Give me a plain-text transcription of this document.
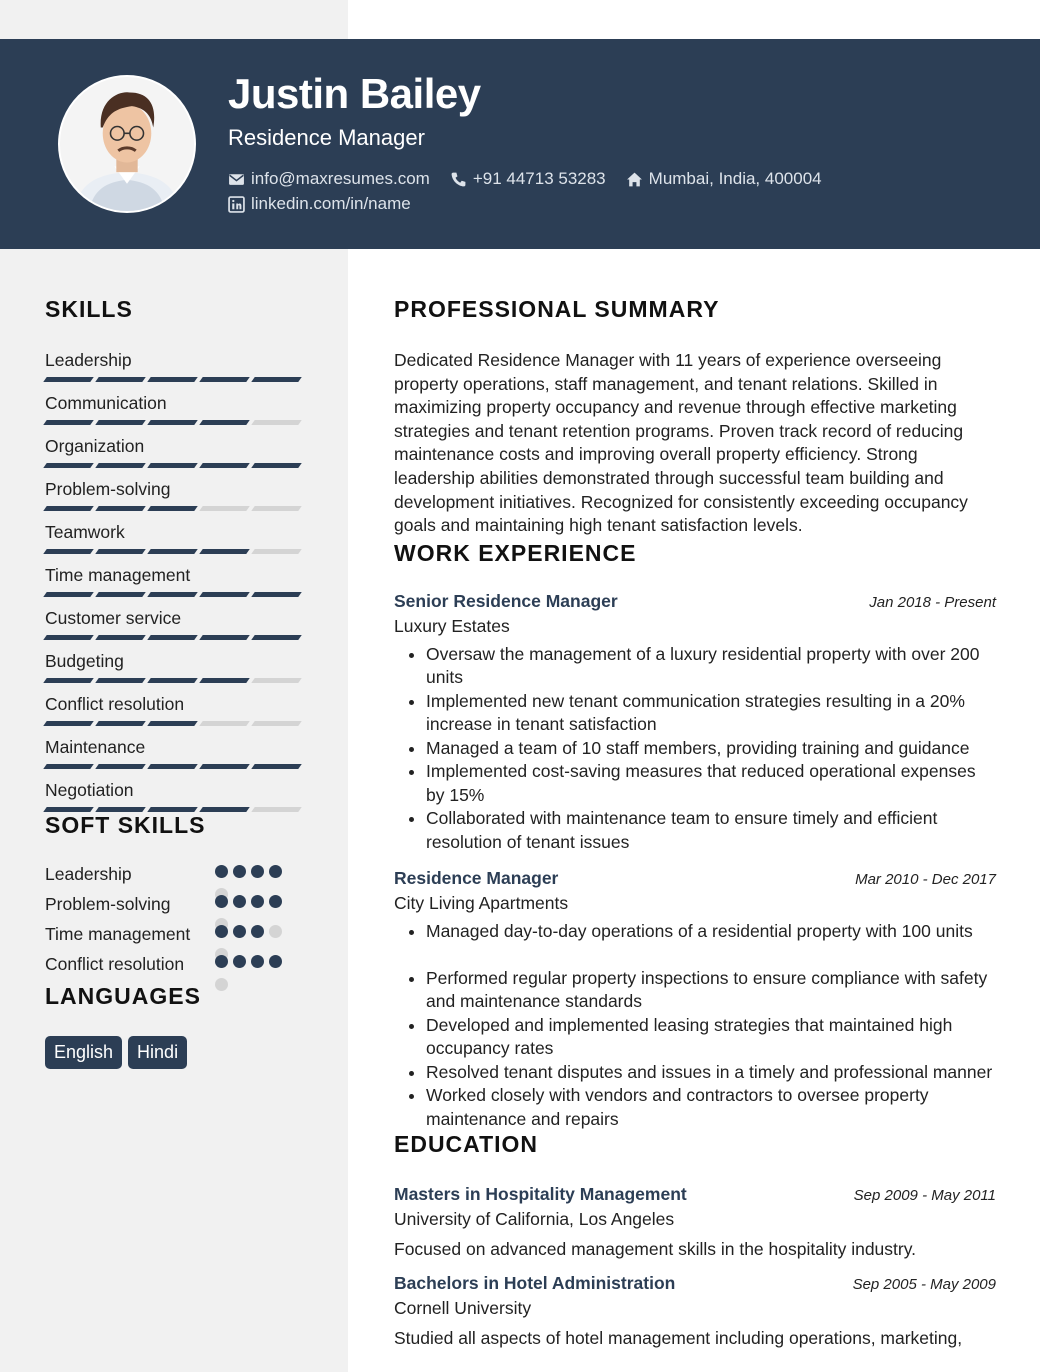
Justin Bailey
Residence Manager
info@maxresumes.com	+91 44713 53283	Mumbai, India, 400004
linkedin.com/in/name
SKILLS
Leadership
Communication
Organization
Problem-solving
Teamwork
Time management
Customer service
Budgeting
Conflict resolution
Maintenance
Negotiation
SOFT SKILLS
Leadership
Problem-solving
Time management
Conflict resolution
LANGUAGES
English	Hindi
PROFESSIONAL SUMMARY
Dedicated Residence Manager with 11 years of experience overseeing property operations, staff management, and tenant relations. Skilled in maximizing property occupancy and revenue through effective marketing strategies and tenant retention programs. Proven track record of reducing maintenance costs and improving overall property efficiency. Strong leadership abilities demonstrated through successful team building and development initiatives. Recognized for consistently exceeding occupancy goals and maintaining high tenant satisfaction levels.
WORK EXPERIENCE
Senior Residence Manager	Jan 2018 - Present
Luxury Estates
• Oversaw the management of a luxury residential property with over 200 units
• Implemented new tenant communication strategies resulting in a 20% increase in tenant satisfaction
• Managed a team of 10 staff members, providing training and guidance
• Implemented cost-saving measures that reduced operational expenses by 15%
• Collaborated with maintenance team to ensure timely and efficient resolution of tenant issues
Residence Manager	Mar 2010 - Dec 2017
City Living Apartments
• Managed day-to-day operations of a residential property with 100 units
• Performed regular property inspections to ensure compliance with safety and maintenance standards
• Developed and implemented leasing strategies that maintained high occupancy rates
• Resolved tenant disputes and issues in a timely and professional manner
• Worked closely with vendors and contractors to oversee property maintenance and repairs
EDUCATION
Masters in Hospitality Management	Sep 2009 - May 2011
University of California, Los Angeles
Focused on advanced management skills in the hospitality industry.
Bachelors in Hotel Administration	Sep 2005 - May 2009
Cornell University
Studied all aspects of hotel management including operations, marketing,
